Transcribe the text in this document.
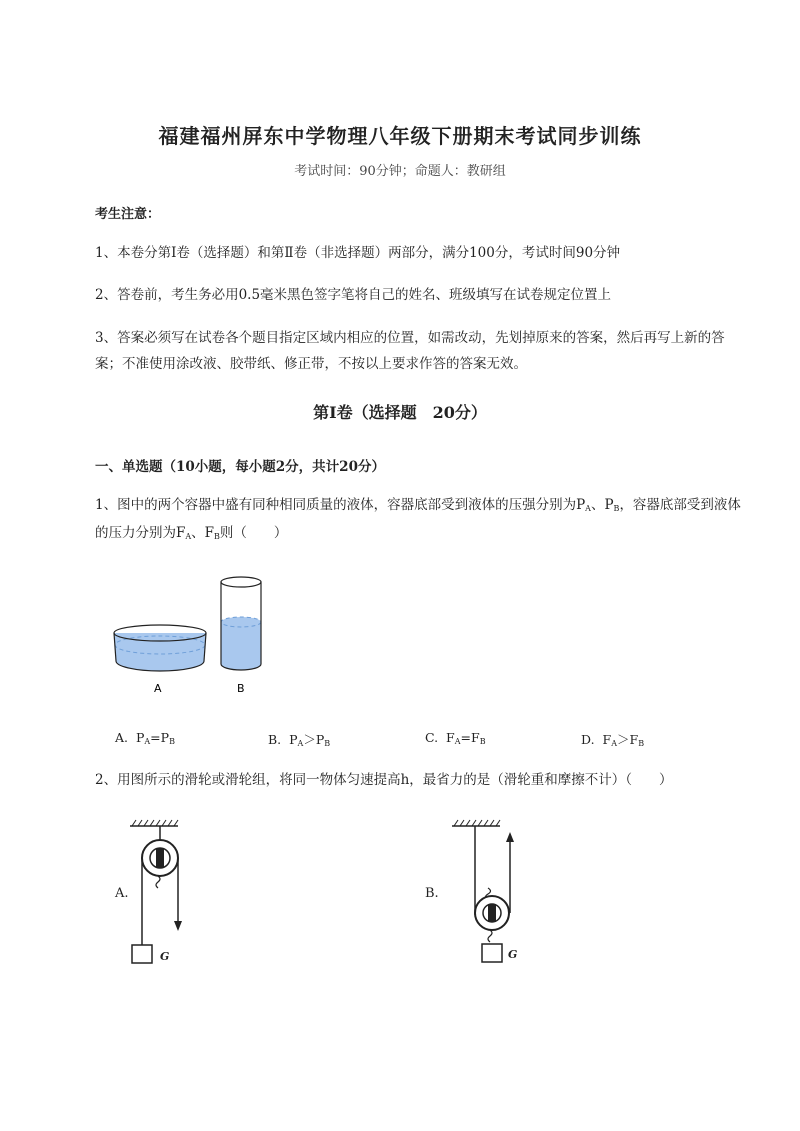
福建福州屏东中学物理八年级下册期末考试同步训练
考试时间：90分钟；命题人：教研组
考生注意：
1、本卷分第Ⅰ卷（选择题）和第Ⅱ卷（非选择题）两部分，满分100分，考试时间90分钟
2、答卷前，考生务必用0.5毫米黑色签字笔将自己的姓名、班级填写在试卷规定位置上
3、答案必须写在试卷各个题目指定区域内相应的位置，如需改动，先划掉原来的答案，然后再写上新的答案；不准使用涂改液、胶带纸、修正带，不按以上要求作答的答案无效。
第Ⅰ卷（选择题　20分）
一、单选题（10小题，每小题2分，共计20分）
1、图中的两个容器中盛有同种相同质量的液体，容器底部受到液体的压强分别为$P_A$、$P_B$，容器底部受到液体的压力分别为$F_A$、$F_B$则（　　）
A	B
A. $P_A=P_B$	B. $P_A>P_B$	C. $F_A=F_B$	D. $F_A>F_B$
2、用图所示的滑轮或滑轮组，将同一物体匀速提高h，最省力的是（滑轮重和摩擦不计）（　　）
A.	B.
G	G
